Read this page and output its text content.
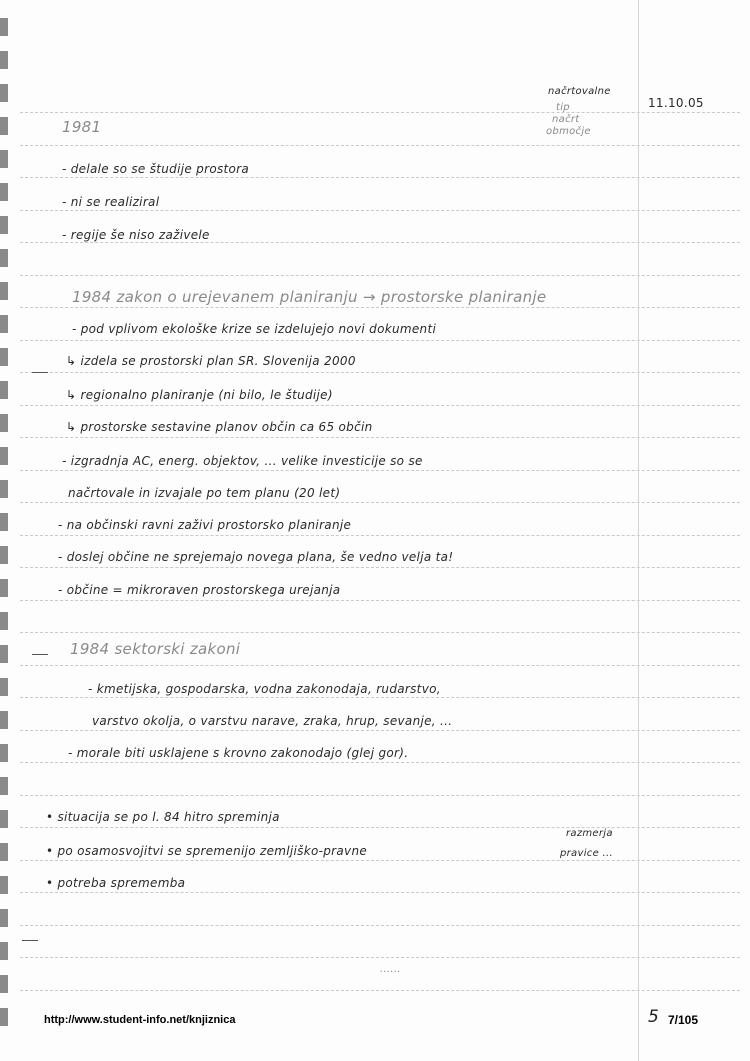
načrtovalne
tip
načrt
območje
11.10.05
1981
- delale so se študije prostora
- ni se realiziral
- regije še niso zaživele
1984 zakon o urejevanem planiranju → prostorske planiranje
- pod vplivom ekološke krize se izdelujejo novi dokumenti
↳ izdela se prostorski plan SR. Slovenija 2000
↳ regionalno planiranje (ni bilo, le študije)
↳ prostorske sestavine planov občin ca 65 občin
- izgradnja AC, energ. objektov, ... velike investicije so se
načrtovale in izvajale po tem planu (20 let)
- na občinski ravni zaživi prostorsko planiranje
- doslej občine ne sprejemajo novega plana, še vedno velja ta!
- občine = mikroraven prostorskega urejanja
1984 sektorski zakoni
- kmetijska, gospodarska, vodna zakonodaja, rudarstvo,
varstvo okolja, o varstvu narave, zraka, hrup, sevanje, ...
- morale biti usklajene s krovno zakonodajo (glej gor).
• situacija se po l. 84 hitro spreminja
razmerja
• po osamosvojitvi se spremenijo zemljiško-pravne	pravice ...
• potreba sprememba
......
http://www.student-info.net/knjiznica	5 7/105
